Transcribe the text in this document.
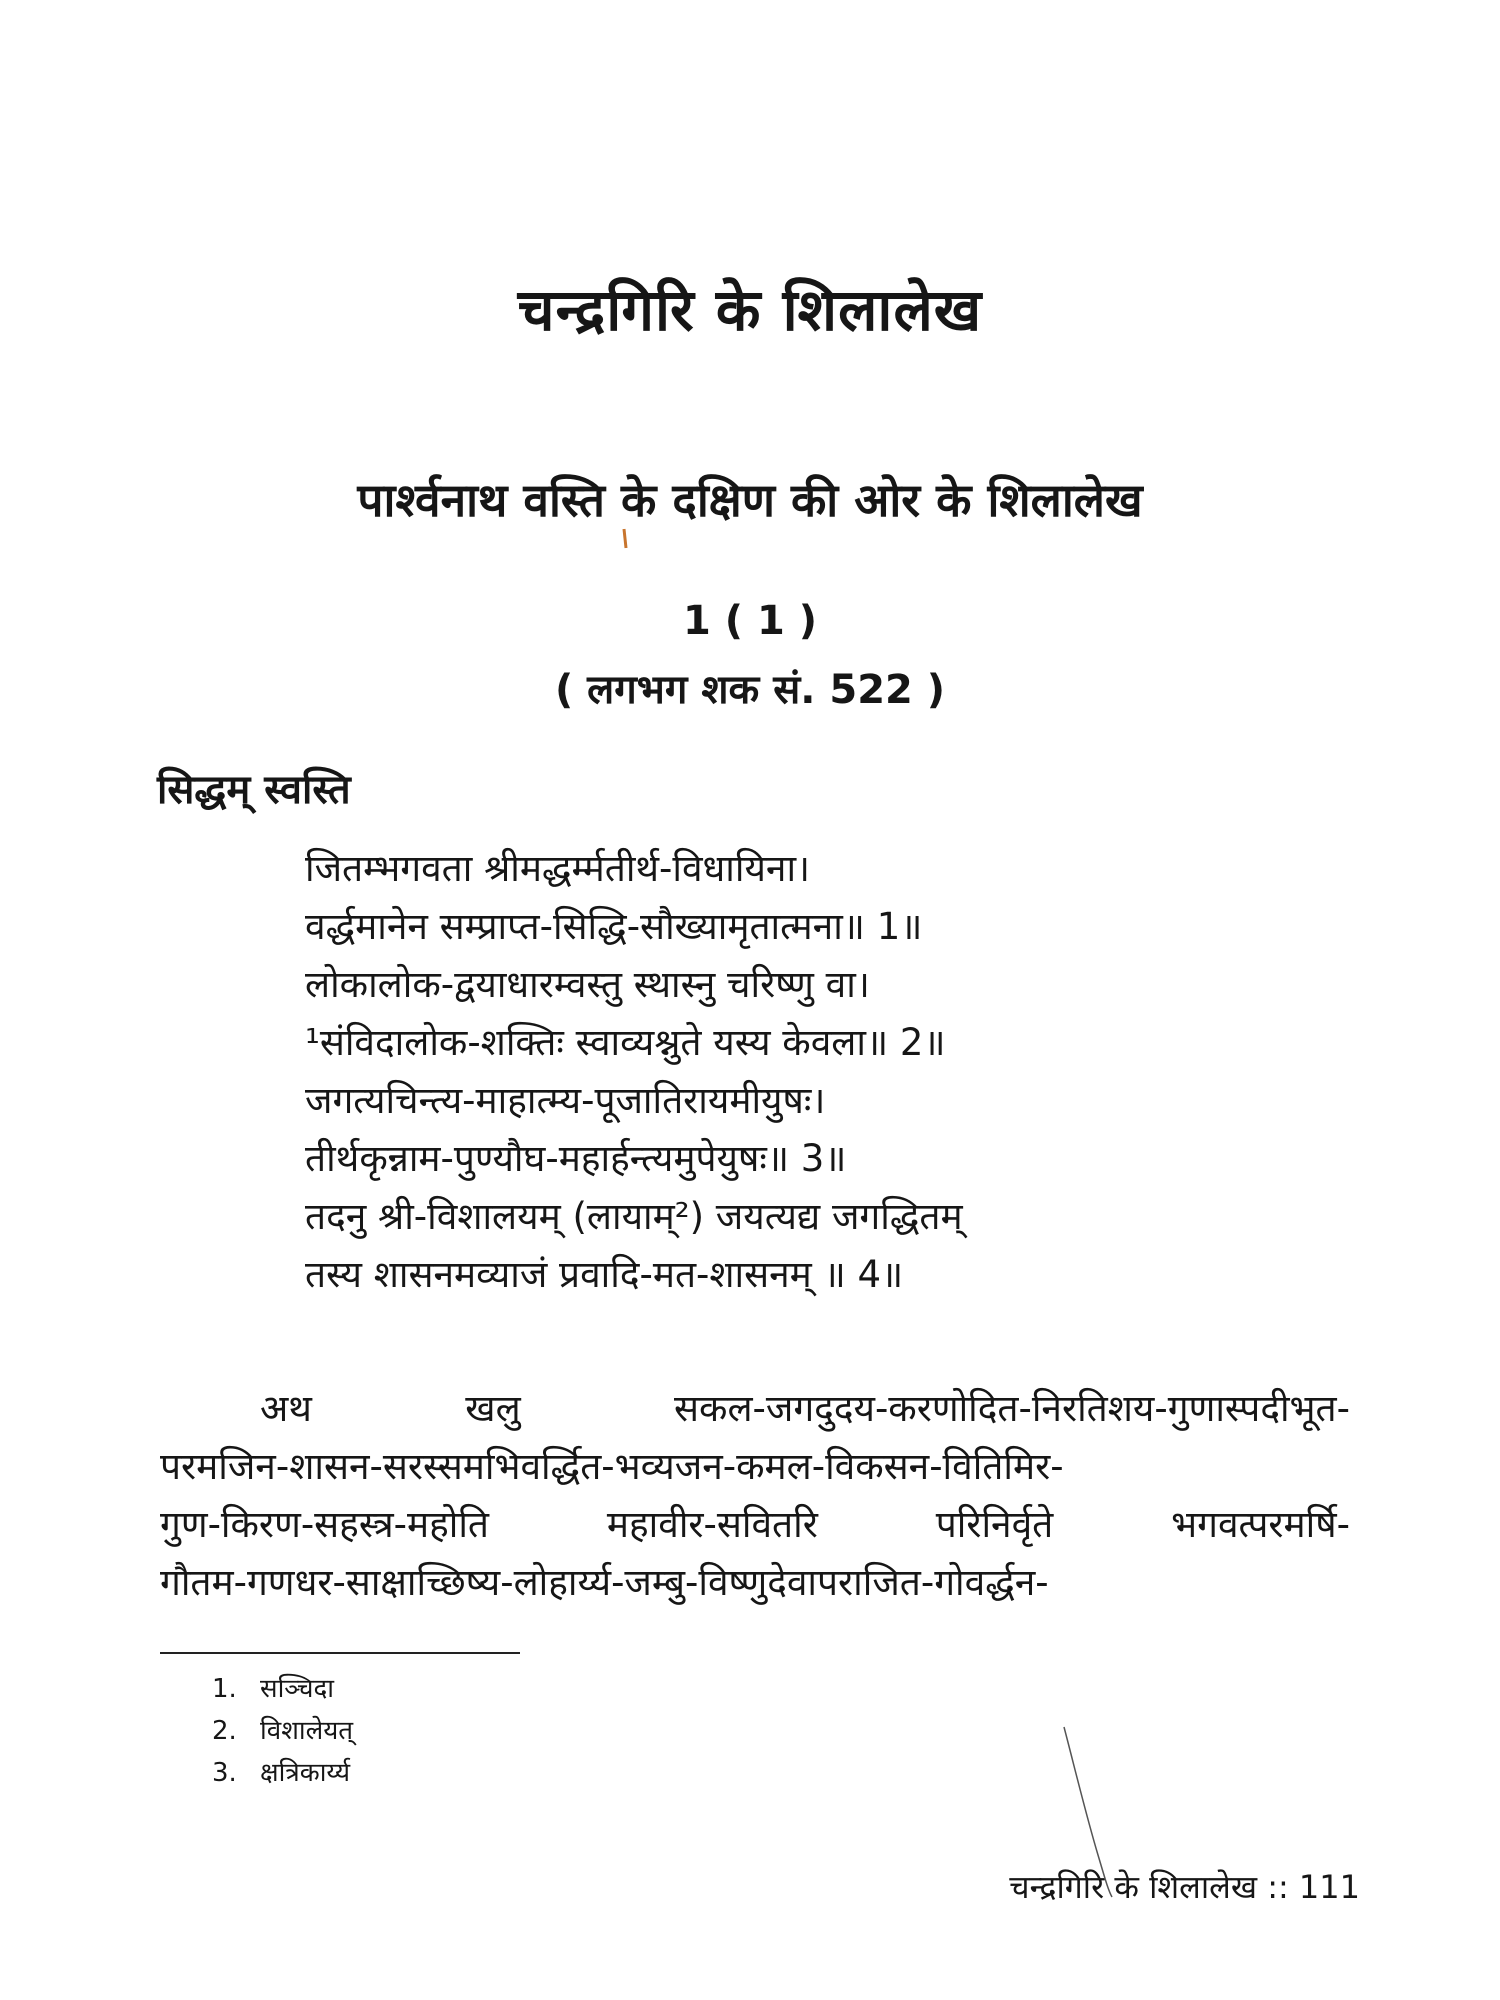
चन्द्रगिरि के शिलालेख
पार्श्वनाथ वस्ति के दक्षिण की ओर के शिलालेख
1 ( 1 )
( लगभग शक सं. 522 )
सिद्धम् स्वस्ति
जितम्भगवता श्रीमद्धर्म्मतीर्थ-विधायिना।
वर्द्धमानेन सम्प्राप्त-सिद्धि-सौख्यामृतात्मना॥ 1॥
लोकालोक-द्वयाधारम्वस्तु स्थास्नु चरिष्णु वा।
¹संविदालोक-शक्तिः स्वाव्यश्नुते यस्य केवला॥ 2॥
जगत्यचिन्त्य-माहात्म्य-पूजातिरायमीयुषः।
तीर्थकृन्नाम-पुण्यौघ-महार्हन्त्यमुपेयुषः॥ 3॥
तदनु श्री-विशालयम् (लायाम्²) जयत्यद्य जगद्धितम्
तस्य शासनमव्याजं प्रवादि-मत-शासनम् ॥ 4॥
अथ खलु सकल-जगदुदय-करणोदित-निरतिशय-गुणास्पदीभूत-
परमजिन-शासन-सरस्समभिवर्द्धित-भव्यजन-कमल-विकसन-वितिमिर-
गुण-किरण-सहस्त्र-महोति महावीर-सवितरि परिनिर्वृते भगवत्परमर्षि-
गौतम-गणधर-साक्षाच्छिष्य-लोहार्य्य-जम्बु-विष्णुदेवापराजित-गोवर्द्धन-
1. सञ्चिदा
2. विशालेयत्
3. क्षत्रिकार्य्य
चन्द्रगिरि के शिलालेख :: 111
